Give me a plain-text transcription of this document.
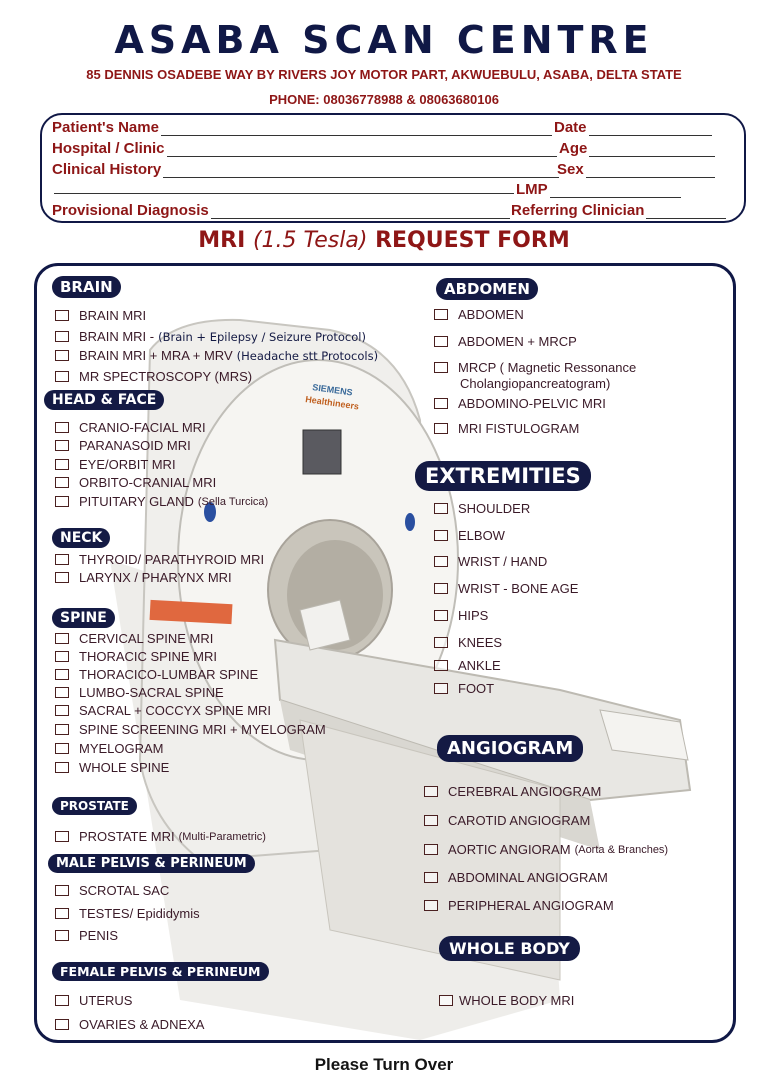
ASABA SCAN CENTRE
85 DENNIS OSADEBE WAY BY RIVERS JOY MOTOR PART, AKWUEBULU, ASABA, DELTA STATE
PHONE: 08036778988 & 08063680106
Patient's Name	Date
Hospital / Clinic	Age
Clinical History	Sex
LMP
Provisional Diagnosis	Referring Clinician
MRI (1.5 Tesla) REQUEST FORM
SIEMENS
Healthineers
BRAIN
BRAIN MRI
BRAIN MRI - (Brain + Epilepsy / Seizure Protocol)
BRAIN MRI + MRA + MRV (Headache stt Protocols)
MR SPECTROSCOPY (MRS)
HEAD & FACE
CRANIO-FACIAL MRI
PARANASOID MRI
EYE/ORBIT MRI
ORBITO-CRANIAL MRI
PITUITARY GLAND (Sella Turcica)
NECK
THYROID/ PARATHYROID MRI
LARYNX / PHARYNX MRI
SPINE
CERVICAL SPINE MRI
THORACIC SPINE MRI
THORACICO-LUMBAR SPINE
LUMBO-SACRAL SPINE
SACRAL + COCCYX SPINE MRI
SPINE SCREENING MRI + MYELOGRAM
MYELOGRAM
WHOLE SPINE
PROSTATE
PROSTATE MRI (Multi-Parametric)
MALE PELVIS & PERINEUM
SCROTAL SAC
TESTES/ Epididymis
PENIS
FEMALE PELVIS & PERINEUM
UTERUS
OVARIES & ADNEXA
ABDOMEN
ABDOMEN
ABDOMEN + MRCP
MRCP ( Magnetic Ressonance
Cholangiopancreatogram)
ABDOMINO-PELVIC MRI
MRI FISTULOGRAM
EXTREMITIES
SHOULDER
ELBOW
WRIST / HAND
WRIST - BONE AGE
HIPS
KNEES
ANKLE
FOOT
ANGIOGRAM
CEREBRAL ANGIOGRAM
CAROTID ANGIOGRAM
AORTIC ANGIORAM (Aorta & Branches)
ABDOMINAL ANGIOGRAM
PERIPHERAL ANGIOGRAM
WHOLE BODY
WHOLE BODY MRI
Please Turn Over
